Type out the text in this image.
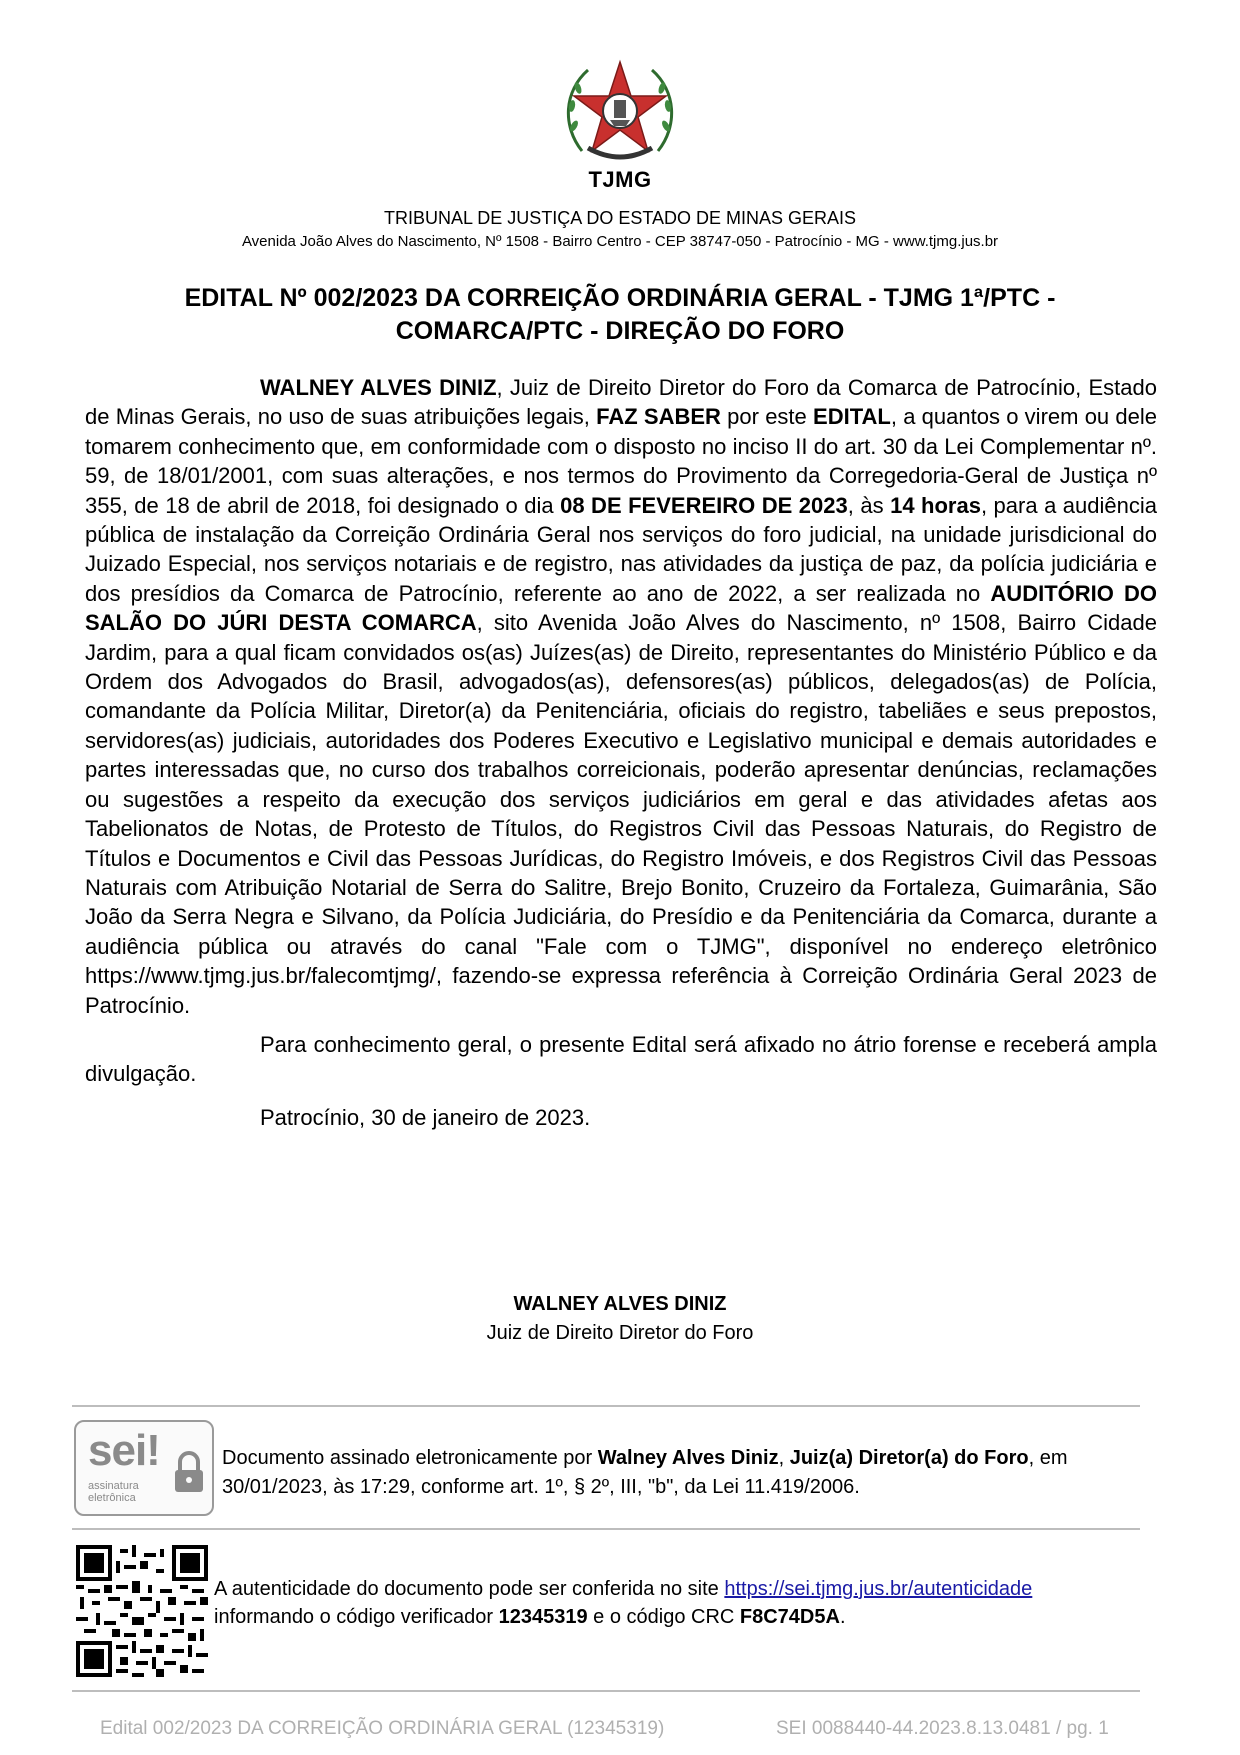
TJMG
TRIBUNAL DE JUSTIÇA DO ESTADO DE MINAS GERAIS
Avenida João Alves do Nascimento, Nº 1508 - Bairro Centro - CEP 38747-050 - Patrocínio - MG - www.tjmg.jus.br
EDITAL Nº 002/2023 DA CORREIÇÃO ORDINÁRIA GERAL - TJMG 1ª/PTC -
COMARCA/PTC - DIREÇÃO DO FORO

WALNEY ALVES DINIZ, Juiz de Direito Diretor do Foro da Comarca de Patrocínio, Estado de Minas Gerais, no uso de suas atribuições legais, FAZ SABER por este EDITAL, a quantos o virem ou dele tomarem conhecimento que, em conformidade com o disposto no inciso II do art. 30 da Lei Complementar nº. 59, de 18/01/2001, com suas alterações, e nos termos do Provimento da Corregedoria-Geral de Justiça nº 355, de 18 de abril de 2018, foi designado o dia 08 DE FEVEREIRO DE 2023, às 14 horas, para a audiência pública de instalação da Correição Ordinária Geral nos serviços do foro judicial, na unidade jurisdicional do Juizado Especial, nos serviços notariais e de registro, nas atividades da justiça de paz, da polícia judiciária e dos presídios da Comarca de Patrocínio, referente ao ano de 2022, a ser realizada no AUDITÓRIO DO SALÃO DO JÚRI DESTA COMARCA, sito Avenida João Alves do Nascimento, nº 1508, Bairro Cidade Jardim, para a qual ficam convidados os(as) Juízes(as) de Direito, representantes do Ministério Público e da Ordem dos Advogados do Brasil, advogados(as), defensores(as) públicos, delegados(as) de Polícia, comandante da Polícia Militar, Diretor(a) da Penitenciária, oficiais do registro, tabeliães e seus prepostos, servidores(as) judiciais, autoridades dos Poderes Executivo e Legislativo municipal e demais autoridades e partes interessadas que, no curso dos trabalhos correicionais, poderão apresentar denúncias, reclamações ou sugestões a respeito da execução dos serviços judiciários em geral e das atividades afetas aos Tabelionatos de Notas, de Protesto de Títulos, do Registros Civil das Pessoas Naturais, do Registro de Títulos e Documentos e Civil das Pessoas Jurídicas, do Registro Imóveis, e dos Registros Civil das Pessoas Naturais com Atribuição Notarial de Serra do Salitre, Brejo Bonito, Cruzeiro da Fortaleza, Guimarânia, São João da Serra Negra e Silvano, da Polícia Judiciária, do Presídio e da Penitenciária da Comarca, durante a audiência pública ou através do canal "Fale com o TJMG", disponível no endereço eletrônico https://www.tjmg.jus.br/falecomtjmg/, fazendo-se expressa referência à Correição Ordinária Geral 2023 de Patrocínio.

Para conhecimento geral, o presente Edital será afixado no átrio forense e receberá ampla divulgação.

Patrocínio, 30 de janeiro de 2023.
WALNEY ALVES DINIZ
Juiz de Direito Diretor do Foro
sei!
assinatura
eletrônica
Documento assinado eletronicamente por Walney Alves Diniz, Juiz(a) Diretor(a) do Foro, em 30/01/2023, às 17:29, conforme art. 1º, § 2º, III, "b", da Lei 11.419/2006.
A autenticidade do documento pode ser conferida no site https://sei.tjmg.jus.br/autenticidade
informando o código verificador 12345319 e o código CRC F8C74D5A.
Edital 002/2023 DA CORREIÇÃO ORDINÁRIA GERAL (12345319)	SEI 0088440-44.2023.8.13.0481 / pg. 1
